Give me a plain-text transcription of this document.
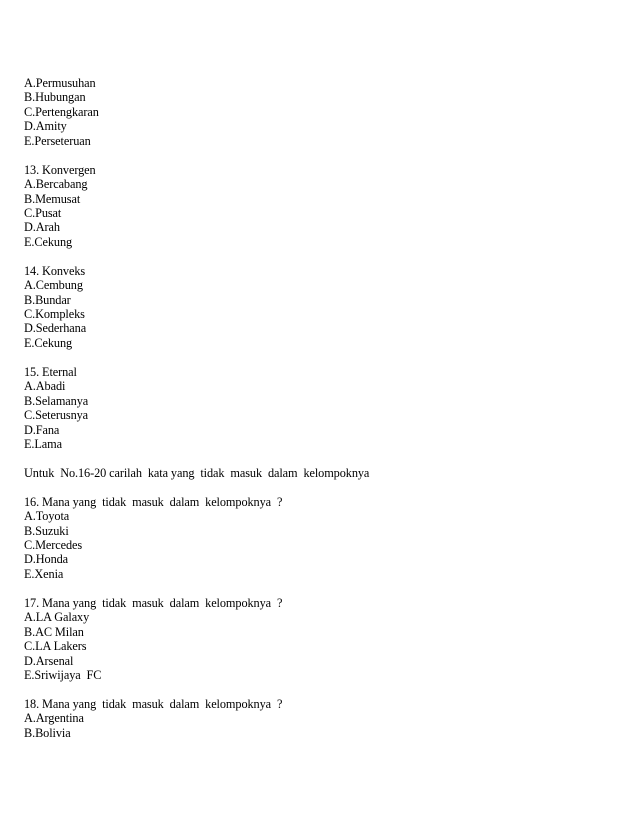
A.Permusuhan
B.Hubungan
C.Pertengkaran
D.Amity
E.Perseteruan
13. Konvergen
A.Bercabang
B.Memusat
C.Pusat
D.Arah
E.Cekung
14. Konveks
A.Cembung
B.Bundar
C.Kompleks
D.Sederhana
E.Cekung
15. Eternal
A.Abadi
B.Selamanya
C.Seterusnya
D.Fana
E.Lama
Untuk  No.16-20 carilah  kata yang  tidak  masuk  dalam  kelompoknya
16. Mana yang  tidak  masuk  dalam  kelompoknya  ?
A.Toyota
B.Suzuki
C.Mercedes
D.Honda
E.Xenia
17. Mana yang  tidak  masuk  dalam  kelompoknya  ?
A.LA Galaxy
B.AC Milan
C.LA Lakers
D.Arsenal
E.Sriwijaya  FC
18. Mana yang  tidak  masuk  dalam  kelompoknya  ?
A.Argentina
B.Bolivia
